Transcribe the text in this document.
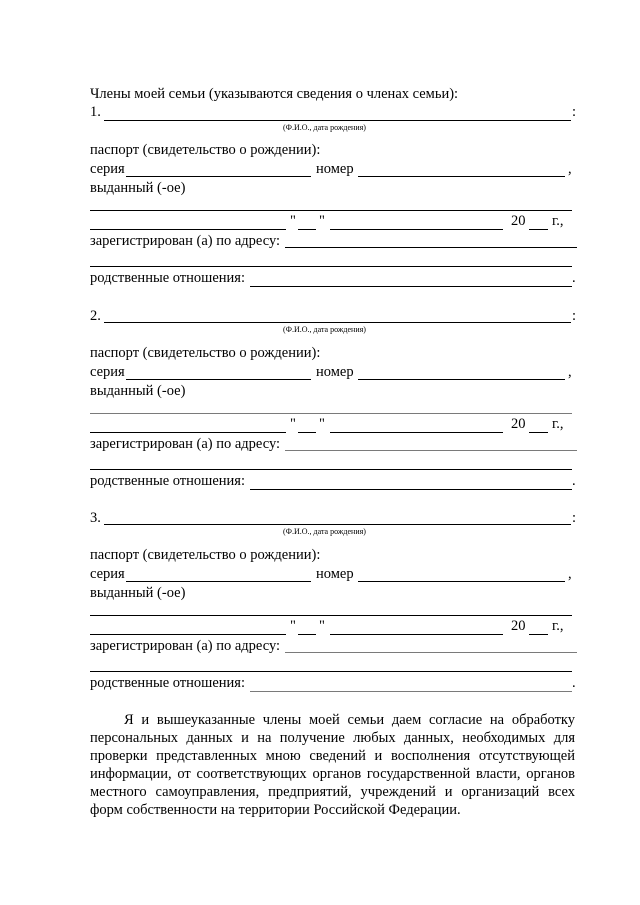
Члены моей семьи (указываются сведения о членах семьи):
1.	:
(Ф.И.О., дата рождения)
паспорт (свидетельство о рождении):
серия	номер	,
выданный (-ое)
" "	20 г.,
зарегистрирован (а) по адресу:
родственные отношения:	.
2.	:
(Ф.И.О., дата рождения)
паспорт (свидетельство о рождении):
серия	номер	,
выданный (-ое)
" "	20 г.,
зарегистрирован (а) по адресу:
родственные отношения:	.
3.	:
(Ф.И.О., дата рождения)
паспорт (свидетельство о рождении):
серия	номер	,
выданный (-ое)
" "	20 г.,
зарегистрирован (а) по адресу:
родственные отношения:	.
Я и вышеуказанные члены моей семьи даем согласие на обработку
персональных данных и на получение любых данных, необходимых для
проверки представленных мною сведений и восполнения отсутствующей
информации, от соответствующих органов государственной власти, органов
местного самоуправления, предприятий, учреждений и организаций всех
форм собственности на территории Российской Федерации.
